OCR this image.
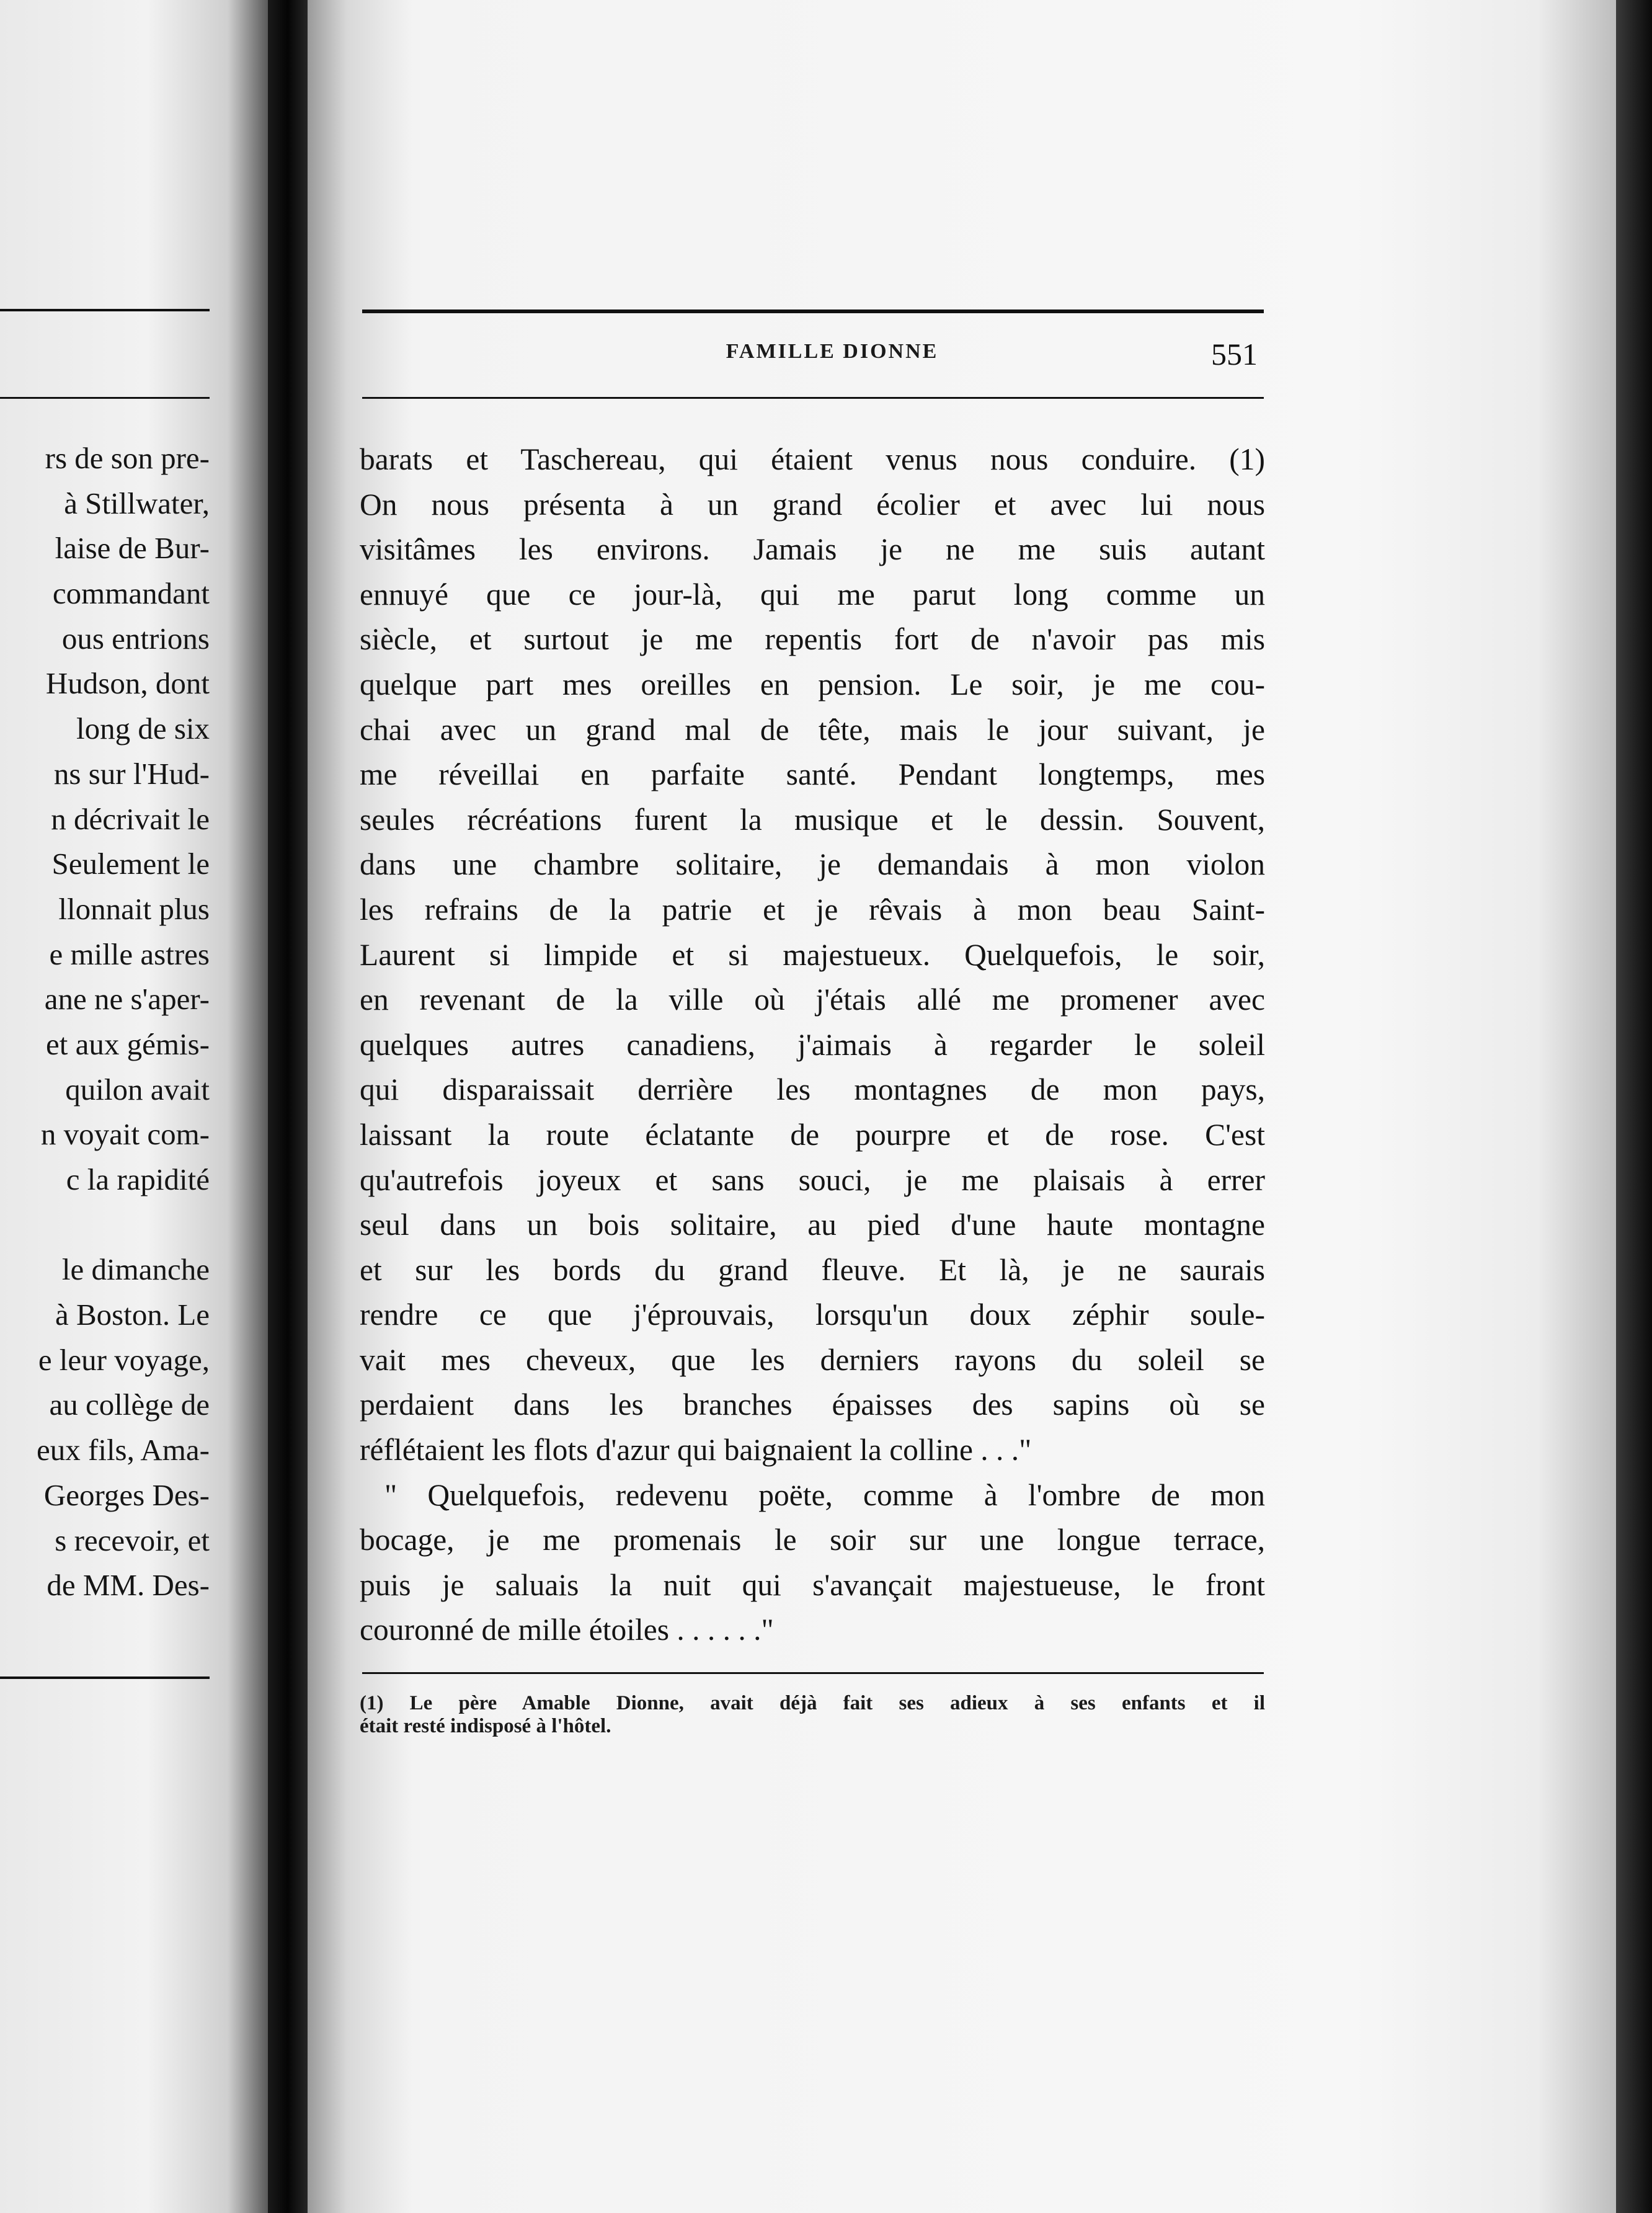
rs de son pre-
à Stillwater,
laise de Bur-
commandant
ous entrions
Hudson, dont
long de six
ns sur l'Hud-
n décrivait le
Seulement le
llonnait plus
e mille astres
ane ne s'aper-
et aux gémis-
quilon avait
n voyait com-
c la rapidité
le dimanche
à Boston. Le
e leur voyage,
au collège de
eux fils, Ama-
Georges Des-
s recevoir, et
de MM. Des-
FAMILLE DIONNE	551
barats et Taschereau, qui étaient venus nous conduire. (1)
On nous présenta à un grand écolier et avec lui nous
visitâmes les environs. Jamais je ne me suis autant
ennuyé que ce jour-là, qui me parut long comme un
siècle, et surtout je me repentis fort de n'avoir pas mis
quelque part mes oreilles en pension. Le soir, je me cou-
chai avec un grand mal de tête, mais le jour suivant, je
me réveillai en parfaite santé. Pendant longtemps, mes
seules récréations furent la musique et le dessin. Souvent,
dans une chambre solitaire, je demandais à mon violon
les refrains de la patrie et je rêvais à mon beau Saint-
Laurent si limpide et si majestueux. Quelquefois, le soir,
en revenant de la ville où j'étais allé me promener avec
quelques autres canadiens, j'aimais à regarder le soleil
qui disparaissait derrière les montagnes de mon pays,
laissant la route éclatante de pourpre et de rose. C'est
qu'autrefois joyeux et sans souci, je me plaisais à errer
seul dans un bois solitaire, au pied d'une haute montagne
et sur les bords du grand fleuve. Et là, je ne saurais
rendre ce que j'éprouvais, lorsqu'un doux zéphir soule-
vait mes cheveux, que les derniers rayons du soleil se
perdaient dans les branches épaisses des sapins où se
réflétaient les flots d'azur qui baignaient la colline . . ."
" Quelquefois, redevenu poëte, comme à l'ombre de mon
bocage, je me promenais le soir sur une longue terrace,
puis je saluais la nuit qui s'avançait majestueuse, le front
couronné de mille étoiles . . . . . ."
(1) Le père Amable Dionne, avait déjà fait ses adieux à ses enfants et il
était resté indisposé à l'hôtel.
